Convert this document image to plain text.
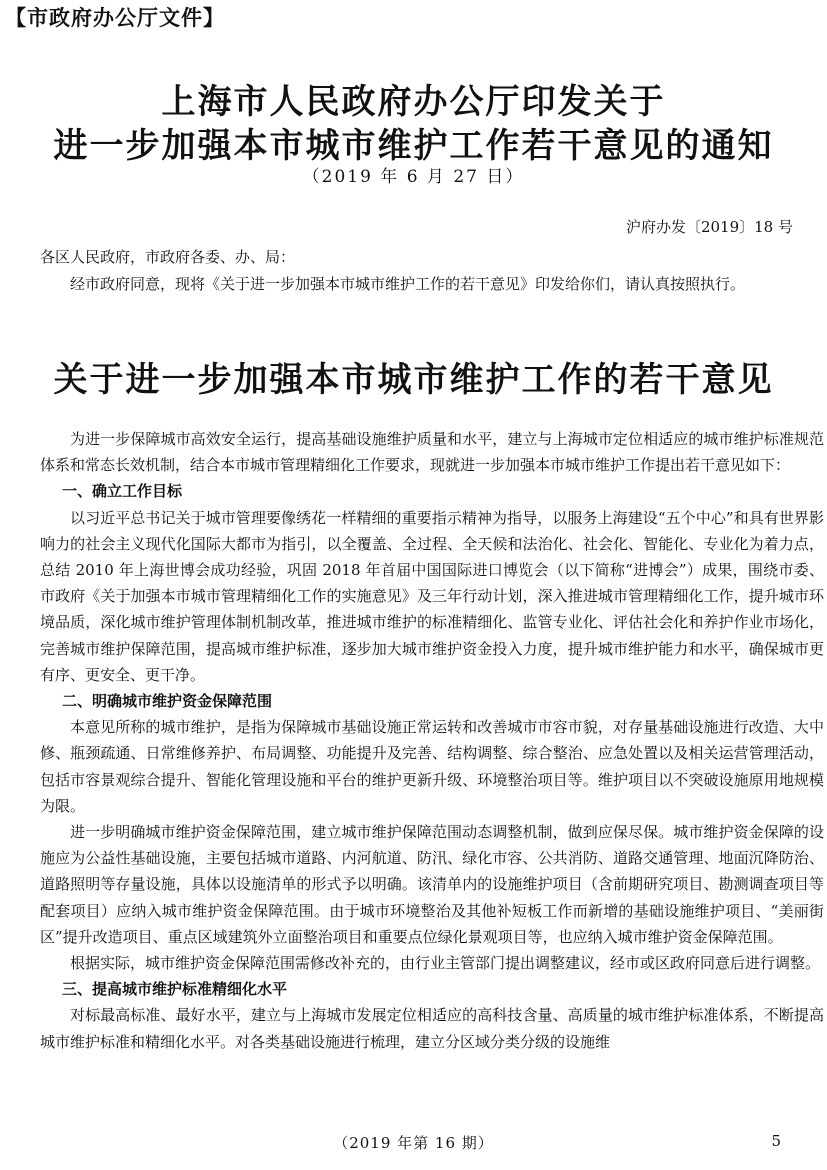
【市政府办公厅文件】
上海市人民政府办公厅印发关于
进一步加强本市城市维护工作若干意见的通知
（2019 年 6 月 27 日）
沪府办发〔2019〕18 号
各区人民政府，市政府各委、办、局：
经市政府同意，现将《关于进一步加强本市城市维护工作的若干意见》印发给你们，请认真按照执行。
关于进一步加强本市城市维护工作的若干意见

为进一步保障城市高效安全运行，提高基础设施维护质量和水平，建立与上海城市定位相适应的城市维护标准规范体系和常态长效机制，结合本市城市管理精细化工作要求，现就进一步加强本市城市维护工作提出若干意见如下：

一、确立工作目标

以习近平总书记关于城市管理要像绣花一样精细的重要指示精神为指导，以服务上海建设“五个中心”和具有世界影响力的社会主义现代化国际大都市为指引，以全覆盖、全过程、全天候和法治化、社会化、智能化、专业化为着力点，总结 2010 年上海世博会成功经验，巩固 2018 年首届中国国际进口博览会（以下简称“进博会”）成果，围绕市委、市政府《关于加强本市城市管理精细化工作的实施意见》及三年行动计划，深入推进城市管理精细化工作，提升城市环境品质，深化城市维护管理体制机制改革，推进城市维护的标准精细化、监管专业化、评估社会化和养护作业市场化，完善城市维护保障范围，提高城市维护标准，逐步加大城市维护资金投入力度，提升城市维护能力和水平，确保城市更有序、更安全、更干净。

二、明确城市维护资金保障范围

本意见所称的城市维护，是指为保障城市基础设施正常运转和改善城市市容市貌，对存量基础设施进行改造、大中修、瓶颈疏通、日常维修养护、布局调整、功能提升及完善、结构调整、综合整治、应急处置以及相关运营管理活动，包括市容景观综合提升、智能化管理设施和平台的维护更新升级、环境整治项目等。维护项目以不突破设施原用地规模为限。

进一步明确城市维护资金保障范围，建立城市维护保障范围动态调整机制，做到应保尽保。城市维护资金保障的设施应为公益性基础设施，主要包括城市道路、内河航道、防汛、绿化市容、公共消防、道路交通管理、地面沉降防治、道路照明等存量设施，具体以设施清单的形式予以明确。该清单内的设施维护项目（含前期研究项目、勘测调查项目等配套项目）应纳入城市维护资金保障范围。由于城市环境整治及其他补短板工作而新增的基础设施维护项目、“美丽街区”提升改造项目、重点区域建筑外立面整治项目和重要点位绿化景观项目等，也应纳入城市维护资金保障范围。

根据实际，城市维护资金保障范围需修改补充的，由行业主管部门提出调整建议，经市或区政府同意后进行调整。

三、提高城市维护标准精细化水平

对标最高标准、最好水平，建立与上海城市发展定位相适应的高科技含量、高质量的城市维护标准体系，不断提高城市维护标准和精细化水平。对各类基础设施进行梳理，建立分区域分类分级的设施维

（2019 年第 16 期）	5
